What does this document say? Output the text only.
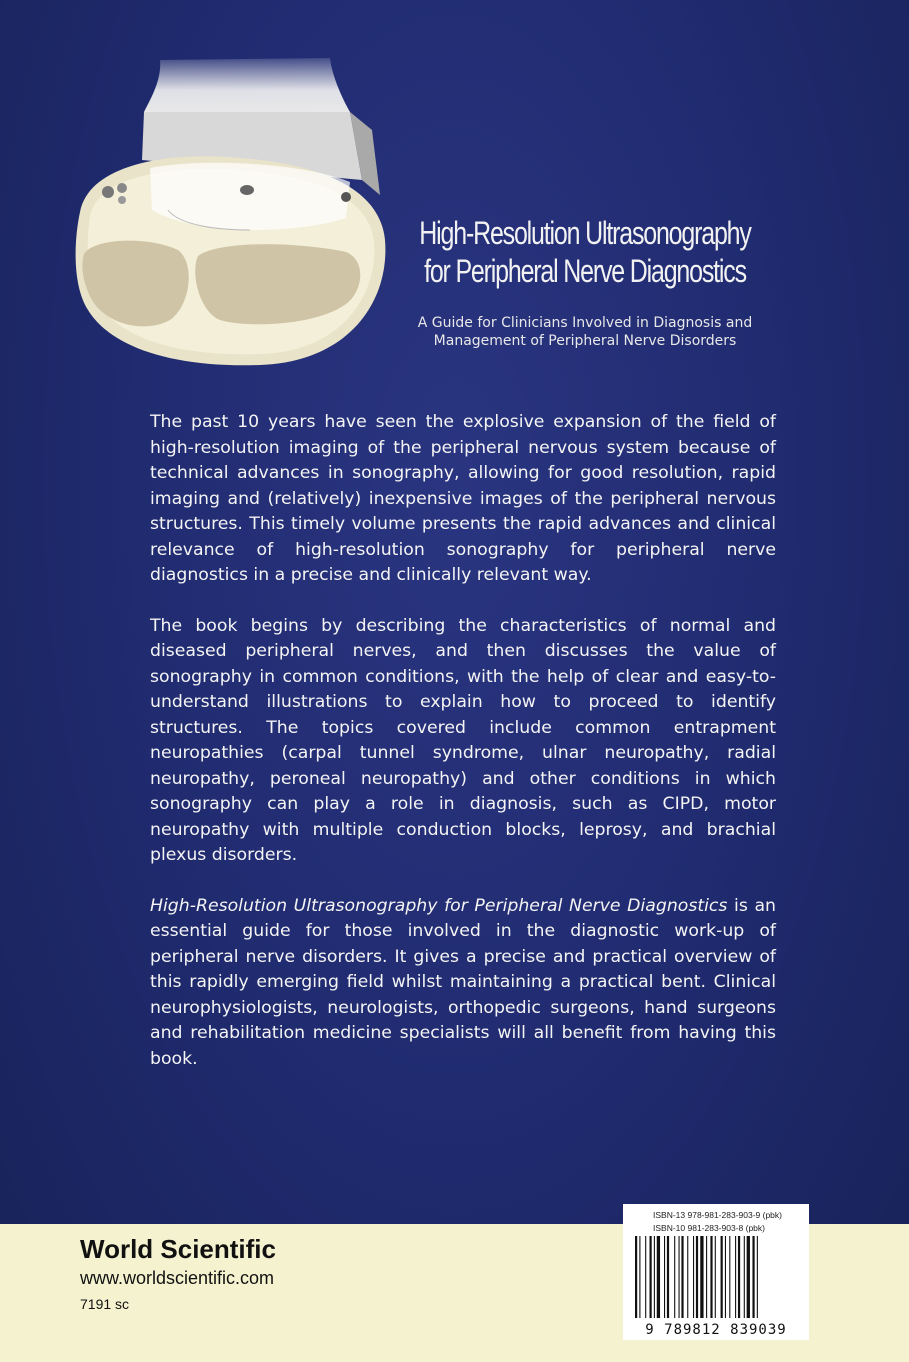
High-Resolution Ultrasonography
for Peripheral Nerve Diagnostics
A Guide for Clinicians Involved in Diagnosis and
Management of Peripheral Nerve Disorders

The past 10 years have seen the explosive expansion of the field of high-resolution imaging of the peripheral nervous system because of technical advances in sonography, allowing for good resolution, rapid imaging and (relatively) inexpensive images of the peripheral nervous structures. This timely volume presents the rapid advances and clinical relevance of high-resolution sonography for peripheral nerve diagnostics in a precise and clinically relevant way.

The book begins by describing the characteristics of normal and diseased peripheral nerves, and then discusses the value of sonography in common conditions, with the help of clear and easy-to-understand illustrations to explain how to proceed to identify structures. The topics covered include common entrapment neuropathies (carpal tunnel syndrome, ulnar neuropathy, radial neuropathy, peroneal neuropathy) and other conditions in which sonography can play a role in diagnosis, such as CIPD, motor neuropathy with multiple conduction blocks, leprosy, and brachial plexus disorders.

High-Resolution Ultrasonography for Peripheral Nerve Diagnostics is an essential guide for those involved in the diagnostic work-up of peripheral nerve disorders. It gives a precise and practical overview of this rapidly emerging field whilst maintaining a practical bent. Clinical neurophysiologists, neurologists, orthopedic surgeons, hand surgeons and rehabilitation medicine specialists will all benefit from having this book.

World Scientific
www.worldscientific.com
7191 sc
ISBN-13 978-981-283-903-9 (pbk)
ISBN-10 981-283-903-8 (pbk)
9 789812 839039
